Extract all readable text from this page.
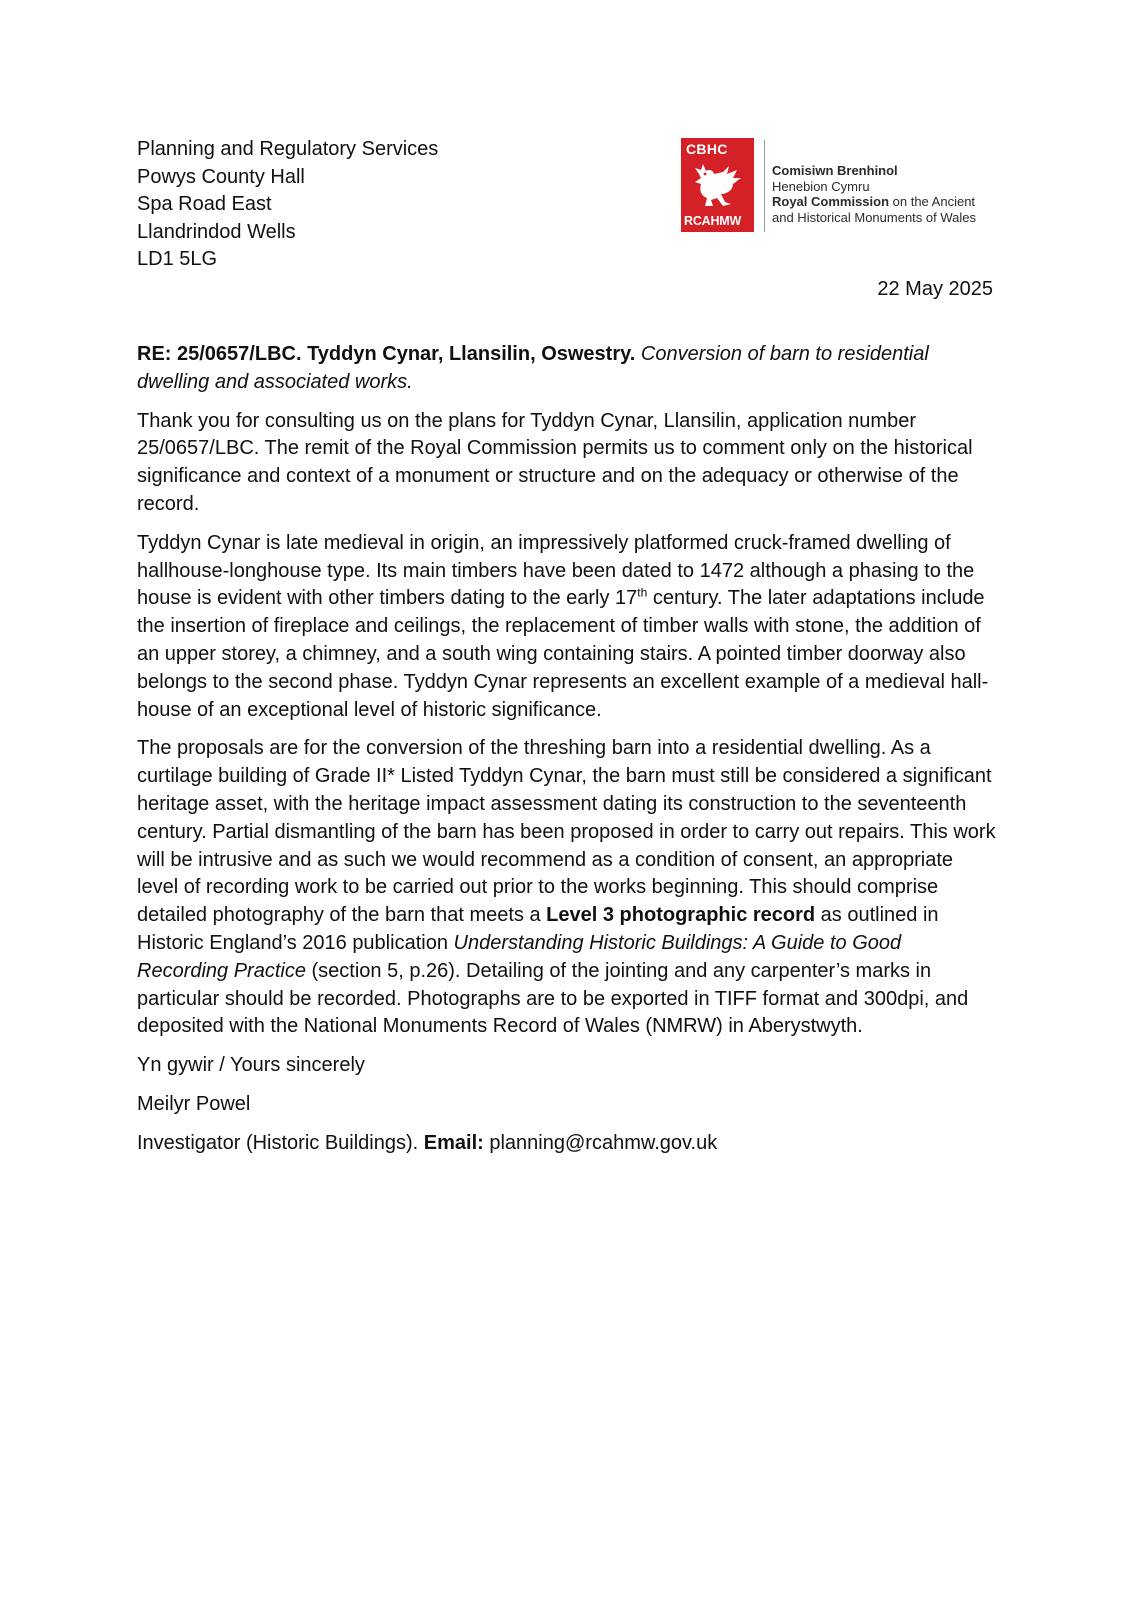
Planning and Regulatory Services
Powys County Hall
Spa Road East
Llandrindod Wells
LD1 5LG
CBHC
RCAHMW
Comisiwn Brenhinol
Henebion Cymru
Royal Commission on the Ancient
and Historical Monuments of Wales
22 May 2025

RE: 25/0657/LBC. Tyddyn Cynar, Llansilin, Oswestry. Conversion of barn to residential dwelling and associated works.

Thank you for consulting us on the plans for Tyddyn Cynar, Llansilin, application number 25/0657/LBC. The remit of the Royal Commission permits us to comment only on the historical significance and context of a monument or structure and on the adequacy or otherwise of the record.

Tyddyn Cynar is late medieval in origin, an impressively platformed cruck-framed dwelling of hallhouse-longhouse type. Its main timbers have been dated to 1472 although a phasing to the house is evident with other timbers dating to the early 17th century. The later adaptations include the insertion of fireplace and ceilings, the replacement of timber walls with stone, the addition of an upper storey, a chimney, and a south wing containing stairs. A pointed timber doorway also belongs to the second phase. Tyddyn Cynar represents an excellent example of a medieval hall-house of an exceptional level of historic significance.

The proposals are for the conversion of the threshing barn into a residential dwelling. As a curtilage building of Grade II* Listed Tyddyn Cynar, the barn must still be considered a significant heritage asset, with the heritage impact assessment dating its construction to the seventeenth century. Partial dismantling of the barn has been proposed in order to carry out repairs. This work will be intrusive and as such we would recommend as a condition of consent, an appropriate level of recording work to be carried out prior to the works beginning. This should comprise detailed photography of the barn that meets a Level 3 photographic record as outlined in Historic England’s 2016 publication Understanding Historic Buildings: A Guide to Good Recording Practice (section 5, p.26). Detailing of the jointing and any carpenter’s marks in particular should be recorded. Photographs are to be exported in TIFF format and 300dpi, and deposited with the National Monuments Record of Wales (NMRW) in Aberystwyth.

Yn gywir / Yours sincerely

Meilyr Powel

Investigator (Historic Buildings). Email: planning@rcahmw.gov.uk
